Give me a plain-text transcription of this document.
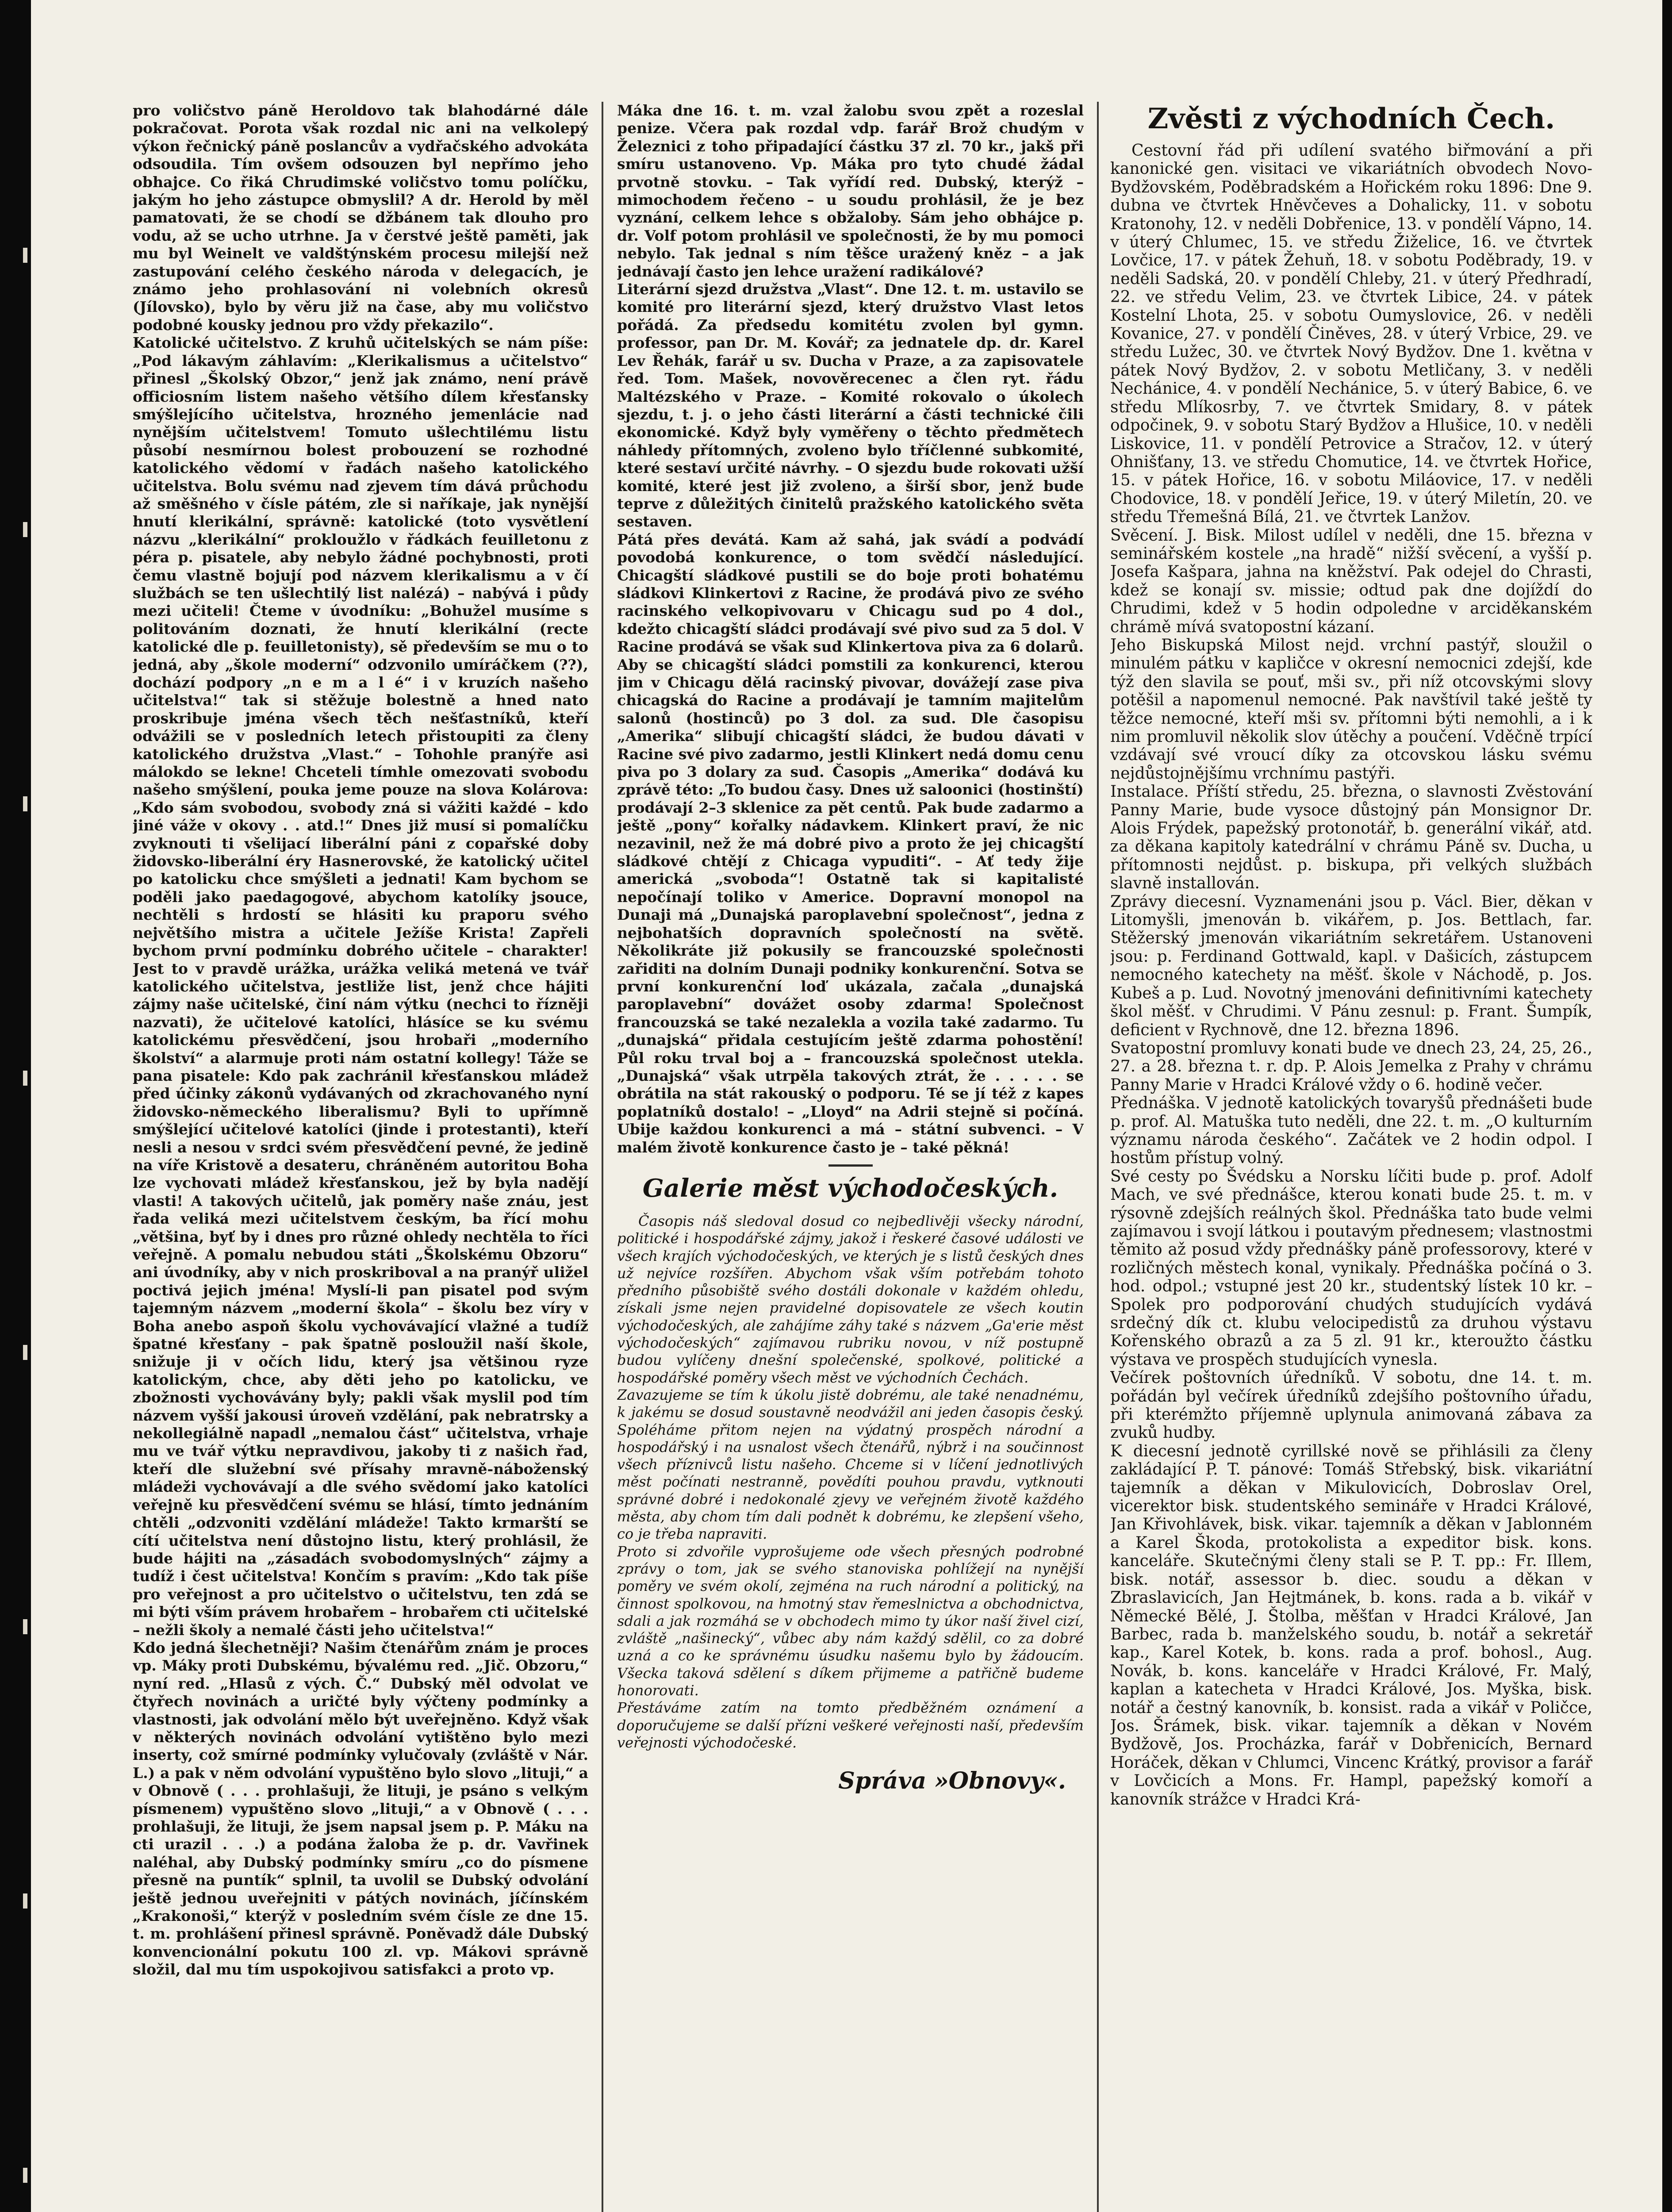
pro voličstvo páně Heroldovo tak blahodárné dále pokračovat. Porota však rozdal nic ani na velkolepý výkon řečnický páně poslancův a vydřačského advokáta odsoudila. Tím ovšem odsouzen byl nepřímo jeho obhajce. Co řiká Chrudimské voličstvo tomu políčku, jakým ho jeho zástupce obmyslil? A dr. Herold by měl pamatovati, že se chodí se džbánem tak dlouho pro vodu, až se ucho utrhne. Ja v čerstvé ještě paměti, jak mu byl Weinelt ve valdštýnském procesu milejší než zastupování celého českého národa v delegacích, je známo jeho prohlasování ni volebních okresů (Jílovsko), bylo by věru již na čase, aby mu voličstvo podobné kousky jednou pro vždy překazilo“.

Katolické učitelstvo. Z kruhů učitelských se nám píše: „Pod lákavým záhlavím: „Klerikalismus a učitelstvo“ přinesl „Školský Obzor,“ jenž jak známo, není právě officiosním listem našeho většího dílem křesťansky smýšlejícího učitelstva, hrozného jemenlácie nad nynějším učitelstvem! Tomuto ušlechtilému listu působí nesmírnou bolest probouzení se rozhodné katolického vědomí v řadách našeho katolického učitelstva. Bolu svému nad zjevem tím dává průchodu až směšného v čísle pátém, zle si naříkaje, jak nynější hnutí klerikální, správně: katolické (toto vysvětlení názvu „klerikální“ prokloužlo v řádkách feuilletonu z péra p. pisatele, aby nebylo žádné pochybnosti, proti čemu vlastně bojují pod názvem klerikalismu a v čí službách se ten ušlechtilý list nalézá) – nabývá i půdy mezi učiteli! Čteme v úvodníku: „Bohužel musíme s politováním doznati, že hnutí klerikální (recte katolické dle p. feuilletonisty), sě především se mu o to jedná, aby „škole moderní“ odzvonilo umíráčkem (??), dochází podpory „n e m a l é“ i v kruzích našeho učitelstva!“ tak si stěžuje bolestně a hned nato proskribuje jména všech těch nešťastníků, kteří odvážili se v posledních letech přistoupiti za členy katolického družstva „Vlast.“ – Tohohle pranýře asi málokdo se lekne! Chceteli tímhle omezovati svobodu našeho smýšlení, pouka jeme pouze na slova Kolárova: „Kdo sám svobodou, svobody zná si vážiti každé – kdo jiné váže v okovy . . atd.!“ Dnes již musí si pomalíčku zvyknouti ti všelijací liberální páni z copařské doby židovsko-liberální éry Hasnerovské, že katolický učitel po katolicku chce smýšleti a jednati! Kam bychom se poděli jako paedagogové, abychom katolíky jsouce, nechtěli s hrdostí se hlásiti ku praporu svého největšího mistra a učitele Ježíše Krista! Zapřeli bychom první podmínku dobrého učitele – charakter! Jest to v pravdě urážka, urážka veliká metená ve tvář katolického učitelstva, jestliže list, jenž chce hájiti zájmy naše učitelské, činí nám výtku (nechci to řízněji nazvati), že učitelové katolíci, hlásíce se ku svému katolickému přesvědčení, jsou hrobaři „moderního školství“ a alarmuje proti nám ostatní kollegy! Táže se pana pisatele: Kdo pak zachránil křesťanskou mládež před účinky zákonů vydávaných od zkrachovaného nyní židovsko-německého liberalismu? Byli to upřímně smýšlející učitelové katolíci (jinde i protestanti), kteří nesli a nesou v srdci svém přesvědčení pevné, že jedině na víře Kristově a desateru, chráněném autoritou Boha lze vychovati mládež křesťanskou, jež by byla nadějí vlasti! A takových učitelů, jak poměry naše znáu, jest řada veliká mezi učitelstvem českým, ba řící mohu „většina, byť by i dnes pro různé ohledy nechtěla to říci veřejně. A pomalu nebudou státi „Školskému Obzoru“ ani úvodníky, aby v nich proskriboval a na pranýř uližel poctivá jejich jména! Myslí-li pan pisatel pod svým tajemným názvem „moderní škola“ – školu bez víry v Boha anebo aspoň školu vychovávající vlažné a tudíž špatné křesťany – pak špatně posloužil naší škole, snižuje ji v očích lidu, který jsa většinou ryze katolickým, chce, aby děti jeho po katolicku, ve zbožnosti vychovávány byly; pakli však myslil pod tím názvem vyšší jakousi úroveň vzdělání, pak nebratrsky a nekollegiálně napadl „nemalou část“ učitelstva, vrhaje mu ve tvář výtku nepravdivou, jakoby ti z našich řad, kteří dle služební své přísahy mravně-náboženský mládeži vychovávají a dle svého svědomí jako katolíci veřejně ku přesvědčení svému se hlásí, tímto jednáním chtěli „odzvoniti vzdělání mládeže! Takto krmarští se cítí učitelstva není důstojno listu, který prohlásil, že bude hájiti na „zásadách svobodomyslných“ zájmy a tudíž i čest učitelstva! Končím s pravím: „Kdo tak píše pro veřejnost a pro učitelstvo o učitelstvu, ten zdá se mi býti vším právem hrobařem – hrobařem cti učitelské – nežli školy a nemalé části jeho učitelstva!“

Kdo jedná šlechetněji? Našim čtenářům znám je proces vp. Máky proti Dubskému, bývalému red. „Jič. Obzoru,“ nyní red. „Hlasů z vých. Č.“ Dubský měl odvolat ve čtyřech novinách a uričté byly výčteny podmínky a vlastnosti, jak odvolání mělo být uveřejněno. Když však v některých novinách odvolání vytištěno bylo mezi inserty, což smírné podmínky vylučovaly (zvláště v Nár. L.) a pak v něm odvolání vypuštěno bylo slovo „lituji,“ a v Obnově ( . . . prohlašuji, že lituji, je psáno s velkým písmenem) vypuštěno slovo „lituji,“ a v Obnově ( . . . prohlašuji, že lituji, že jsem napsal jsem p. P. Máku na cti urazil . . .) a podána žaloba že p. dr. Vavřinek naléhal, aby Dubský podmínky smíru „co do písmene přesně na puntík“ splnil, ta uvolil se Dubský odvolání ještě jednou uveřejniti v pátých novinách, jíčínském „Krakonoši,“ kterýž v posledním svém čísle ze dne 15. t. m. prohlášení přinesl správně. Poněvadž dále Dubský konvencionální pokutu 100 zl. vp. Mákovi správně složil, dal mu tím uspokojivou satisfakci a proto vp.

Máka dne 16. t. m. vzal žalobu svou zpět a rozeslal penize. Včera pak rozdal vdp. farář Brož chudým v Železnici z toho připadající částku 37 zl. 70 kr., jakš při smíru ustanoveno. Vp. Máka pro tyto chudé žádal prvotně stovku. – Tak vyřídí red. Dubský, kterýž – mimochodem řečeno – u soudu prohlásil, že je bez vyznání, celkem lehce s obžaloby. Sám jeho obhájce p. dr. Volf potom prohlásil ve společnosti, že by mu pomoci nebylo. Tak jednal s ním těšce uražený kněz – a jak jednávají často jen lehce uražení radikálové?

Literární sjezd družstva „Vlast“. Dne 12. t. m. ustavilo se komité pro literární sjezd, který družstvo Vlast letos pořádá. Za předsedu komitétu zvolen byl gymn. professor, pan Dr. M. Kovář; za jednatele dp. dr. Karel Lev Řehák, farář u sv. Ducha v Praze, a za zapisovatele řed. Tom. Mašek, novověrecenec a člen ryt. řádu Maltézského v Praze. – Komité rokovalo o úkolech sjezdu, t. j. o jeho části literární a části technické čili ekonomické. Když byly vyměřeny o těchto předmětech náhledy přítomných, zvoleno bylo tříčlenné subkomité, které sestaví určité návrhy. – O sjezdu bude rokovati užší komité, které jest již zvoleno, a širší sbor, jenž bude teprve z důležitých činitelů pražského katolického světa sestaven.

Pátá přes devátá. Kam až sahá, jak svádí a podvádí povodobá konkurence, o tom svědčí následující. Chicagští sládkové pustili se do boje proti bohatému sládkovi Klinkertovi z Racine, že prodává pivo ze svého racinského velkopivovaru v Chicagu sud po 4 dol., kdežto chicagští sládci prodávají své pivo sud za 5 dol. V Racine prodává se však sud Klinkertova piva za 6 dolarů. Aby se chicagští sládci pomstili za konkurenci, kterou jim v Chicagu dělá racinský pivovar, dovážejí zase piva chicagská do Racine a prodávají je tamním majitelům salonů (hostinců) po 3 dol. za sud. Dle časopisu „Amerika“ slibují chicagští sládci, že budou dávati v Racine své pivo zadarmo, jestli Klinkert nedá domu cenu piva po 3 dolary za sud. Časopis „Amerika“ dodává ku zprávě této: „To budou časy. Dnes už saloonici (hostinští) prodávají 2–3 sklenice za pět centů. Pak bude zadarmo a ještě „pony“ kořalky nádavkem. Klinkert praví, že nic nezavinil, než že má dobré pivo a proto že jej chicagští sládkové chtějí z Chicaga vypuditi“. – Ať tedy žije americká „svoboda“! Ostatně tak si kapitalisté nepočínají toliko v Americe. Dopravní monopol na Dunaji má „Dunajská paroplavební společnost“, jedna z nejbohatších dopravních společností na světě. Několikráte již pokusily se francouzské společnosti zařiditi na dolním Dunaji podniky konkurenční. Sotva se první konkurenční loď ukázala, začala „dunajská paroplavební“ dovážet osoby zdarma! Společnost francouzská se také nezalekla a vozila také zadarmo. Tu „dunajská“ přidala cestujícím ještě zdarma pohostění! Půl roku trval boj a – francouzská společnost utekla. „Dunajská“ však utrpěla takových ztrát, že . . . . . se obrátila na stát rakouský o podporu. Té se jí též z kapes poplatníků dostalo! – „Lloyd“ na Adrii stejně si počíná. Ubije každou konkurenci a má – státní subvenci. – V malém životě konkurence často je – také pěkná!

Galerie měst východočeských.

Časopis náš sledoval dosud co nejbedlivěji všecky národní, politické i hospodářské zájmy, jakož i řeskeré časové události ve všech krajích východočeských, ve kterých je s listů českých dnes už nejvíce rozšířen. Abychom však vším potřebám tohoto předního působiště svého dostáli dokonale v každém ohledu, získali jsme nejen pravidelné dopisovatele ze všech koutin východočeských, ale zahájíme záhy také s názvem „Ga'erie měst východočeských“ zajímavou rubriku novou, v níž postupně budou vylíčeny dnešní společenské, spolkové, politické a hospodářské poměry všech měst ve východních Čechách.

Zavazujeme se tím k úkolu jistě dobrému, ale také nenadnému, k jakému se dosud soustavně neodvážil ani jeden časopis český. Spoléháme přitom nejen na výdatný prospěch národní a hospodářský i na usnalost všech čtenářů, nýbrž i na součinnost všech příznivců listu našeho. Chceme si v líčení jednotlivých měst počínati nestranně, povědíti pouhou pravdu, vytknouti správné dobré i nedokonalé zjevy ve veřejném životě každého města, aby chom tím dali podnět k dobrému, ke zlepšení všeho, co je třeba napraviti.

Proto si zdvořile vyprošujeme ode všech přesných podrobné zprávy o tom, jak se svého stanoviska pohlížejí na nynější poměry ve svém okolí, zejména na ruch národní a politický, na činnost spolkovou, na hmotný stav řemeslnictva a obchodnictva, sdali a jak rozmáhá se v obchodech mimo ty úkor naší živel cizí, zvláště „našinecký“, vůbec aby nám každý sdělil, co za dobré uzná a co ke správnému úsudku našemu bylo by žádoucím. Všecka taková sdělení s díkem přijmeme a patřičně budeme honorovati.

Přestáváme zatím na tomto předběžném oznámení a doporučujeme se další přízni veškeré veřejnosti naší, především veřejnosti východočeské.

Správa »Obnovy«.
Zvěsti z východních Čech.

Cestovní řád při udílení svatého biřmování a při kanonické gen. visitaci ve vikariátních obvodech Novo-Bydžovském, Poděbradském a Hořickém roku 1896: Dne 9. dubna ve čtvrtek Hněvčeves a Dohalicky, 11. v sobotu Kratonohy, 12. v neděli Dobřenice, 13. v pondělí Vápno, 14. v úterý Chlumec, 15. ve středu Žiželice, 16. ve čtvrtek Lovčice, 17. v pátek Žehuň, 18. v sobotu Poděbrady, 19. v neděli Sadská, 20. v pondělí Chleby, 21. v úterý Předhradí, 22. ve středu Velim, 23. ve čtvrtek Libice, 24. v pátek Kostelní Lhota, 25. v sobotu Oumyslovice, 26. v neděli Kovanice, 27. v pondělí Činěves, 28. v úterý Vrbice, 29. ve středu Lužec, 30. ve čtvrtek Nový Bydžov. Dne 1. května v pátek Nový Bydžov, 2. v sobotu Metličany, 3. v neděli Nechánice, 4. v pondělí Nechánice, 5. v úterý Babice, 6. ve středu Mlíkosrby, 7. ve čtvrtek Smidary, 8. v pátek odpočinek, 9. v sobotu Starý Bydžov a Hlušice, 10. v neděli Liskovice, 11. v pondělí Petrovice a Stračov, 12. v úterý Ohnišťany, 13. ve středu Chomutice, 14. ve čtvrtek Hořice, 15. v pátek Hořice, 16. v sobotu Miláovice, 17. v neděli Chodovice, 18. v pondělí Jeřice, 19. v úterý Miletín, 20. ve středu Třemešná Bílá, 21. ve čtvrtek Lanžov.

Svěcení. J. Bisk. Milost udílel v neděli, dne 15. března v seminářském kostele „na hradě“ nižší svěcení, a vyšší p. Josefa Kašpara, jahna na kněžství. Pak odejel do Chrasti, kdež se konají sv. missie; odtud pak dne dojíždí do Chrudimi, kdež v 5 hodin odpoledne v arciděkanském chrámě mívá svatopostní kázaní.

Jeho Biskupská Milost nejd. vrchní pastýř, sloužil o minulém pátku v kapličce v okresní nemocnici zdejší, kde týž den slavila se pouť, mši sv., při níž otcovskými slovy potěšil a napomenul nemocné. Pak navštívil také ještě ty těžce nemocné, kteří mši sv. přítomni býti nemohli, a i k nim promluvil několik slov útěchy a poučení. Vděčně trpící vzdávají své vroucí díky za otcovskou lásku svému nejdůstojnějšímu vrchnímu pastýři.

Instalace. Příští středu, 25. března, o slavnosti Zvěstování Panny Marie, bude vysoce důstojný pán Monsignor Dr. Alois Frýdek, papežský protonotář, b. generální vikář, atd. za děkana kapitoly katedrální v chrámu Páně sv. Ducha, u přítomnosti nejdůst. p. biskupa, při velkých službách slavně installován.

Zprávy diecesní. Vyznamenáni jsou p. Václ. Bier, děkan v Litomyšli, jmenován b. vikářem, p. Jos. Bettlach, far. Stěžerský jmenován vikariátním sekretářem. Ustanoveni jsou: p. Ferdinand Gottwald, kapl. v Dašicích, zástupcem nemocného katechety na měšť. škole v Náchodě, p. Jos. Kubeš a p. Lud. Novotný jmenováni definitivními katechety škol měšť. v Chrudimi. V Pánu zesnul: p. Frant. Šumpík, deficient v Rychnově, dne 12. března 1896.

Svatopostní promluvy konati bude ve dnech 23, 24, 25, 26., 27. a 28. března t. r. dp. P. Alois Jemelka z Prahy v chrámu Panny Marie v Hradci Králové vždy o 6. hodině večer.

Přednáška. V jednotě katolických tovaryšů přednášeti bude p. prof. Al. Matuška tuto neděli, dne 22. t. m. „O kulturním významu národa českého“. Začátek ve 2 hodin odpol. I hostům přístup volný.

Své cesty po Švédsku a Norsku líčiti bude p. prof. Adolf Mach, ve své přednášce, kterou konati bude 25. t. m. v rýsovně zdejších reálných škol. Přednáška tato bude velmi zajímavou i svojí látkou i poutavým přednesem; vlastnostmi těmito až posud vždy přednášky páně professorovy, které v rozličných městech konal, vynikaly. Přednáška počíná o 3. hod. odpol.; vstupné jest 20 kr., studentský lístek 10 kr. – Spolek pro podporování chudých studujících vydává srdečný dík ct. klubu velocipedistů za druhou výstavu Kořenského obrazů a za 5 zl. 91 kr., kteroužto částku výstava ve prospěch studujících vynesla.

Večírek poštovních úředníků. V sobotu, dne 14. t. m. pořádán byl večírek úředníků zdejšího poštovního úřadu, při kterémžto příjemně uplynula animovaná zábava za zvuků hudby.

K diecesní jednotě cyrillské nově se přihlásili za členy zakládající P. T. pánové: Tomáš Střebský, bisk. vikariátní tajemník a děkan v Mikulovicích, Dobroslav Orel, vicerektor bisk. studentského semináře v Hradci Králové, Jan Křivohlávek, bisk. vikar. tajemník a děkan v Jablonném a Karel Škoda, protokolista a expeditor bisk. kons. kanceláře. Skutečnými členy stali se P. T. pp.: Fr. Illem, bisk. notář, assessor b. diec. soudu a děkan v Zbraslavicích, Jan Hejtmánek, b. kons. rada a b. vikář v Německé Bělé, J. Štolba, měšťan v Hradci Králové, Jan Barbec, rada b. manželského soudu, b. notář a sekretář kap., Karel Kotek, b. kons. rada a prof. bohosl., Aug. Novák, b. kons. kanceláře v Hradci Králové, Fr. Malý, kaplan a katecheta v Hradci Králové, Jos. Myška, bisk. notář a čestný kanovník, b. konsist. rada a vikář v Poličce, Jos. Šrámek, bisk. vikar. tajemník a děkan v Novém Bydžově, Jos. Procházka, farář v Dobřenicích, Bernard Horáček, děkan v Chlumci, Vincenc Krátký, provisor a farář v Lovčicích a Mons. Fr. Hampl, papežský komoří a kanovník strážce v Hradci Krá-
